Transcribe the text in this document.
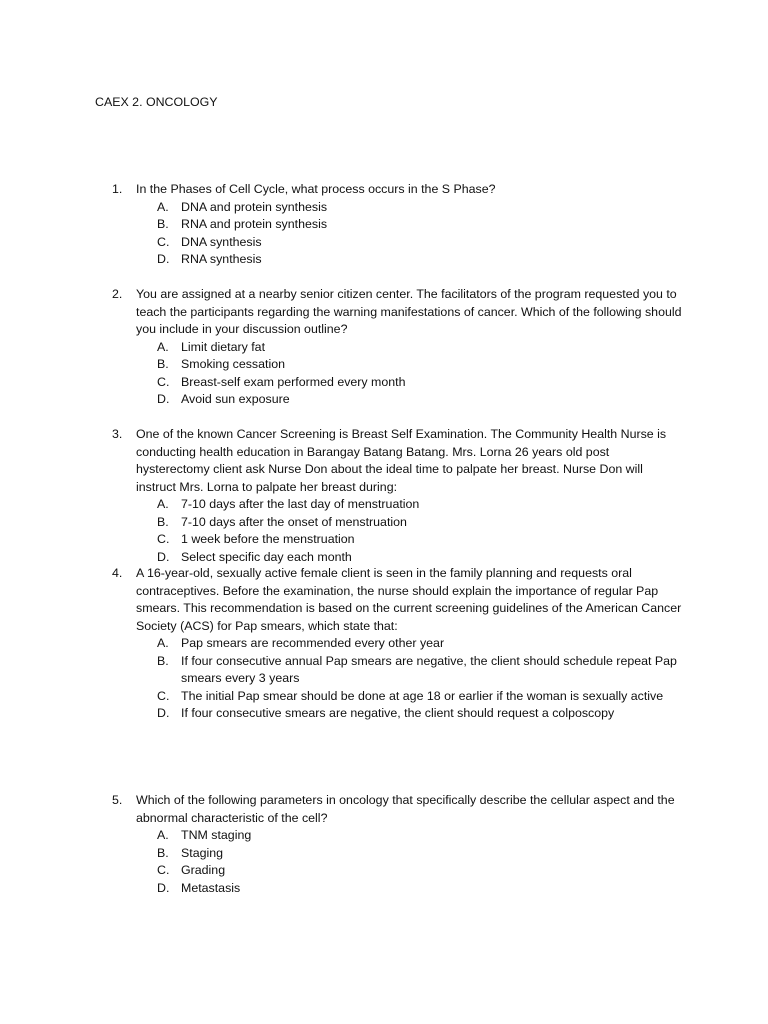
CAEX 2. ONCOLOGY
1.	In the Phases of Cell Cycle, what process occurs in the S Phase?
A. DNA and protein synthesis
B. RNA and protein synthesis
C. DNA synthesis
D. RNA synthesis
2.	You are assigned at a nearby senior citizen center. The facilitators of the program requested you to teach the participants regarding the warning manifestations of cancer. Which of the following should you include in your discussion outline?
A. Limit dietary fat
B. Smoking cessation
C. Breast-self exam performed every month
D. Avoid sun exposure
3.	One of the known Cancer Screening is Breast Self Examination. The Community Health Nurse is conducting health education in Barangay Batang Batang. Mrs. Lorna 26 years old post hysterectomy client ask Nurse Don about the ideal time to palpate her breast. Nurse Don will instruct Mrs. Lorna to palpate her breast during:
A. 7-10 days after the last day of menstruation
B. 7-10 days after the onset of menstruation
C. 1 week before the menstruation
D. Select specific day each month
4.	A 16-year-old, sexually active female client is seen in the family planning and requests oral contraceptives. Before the examination, the nurse should explain the importance of regular Pap smears. This recommendation is based on the current screening guidelines of the American Cancer Society (ACS) for Pap smears, which state that:
A. Pap smears are recommended every other year
B. If four consecutive annual Pap smears are negative, the client should schedule repeat Pap smears every 3 years
C. The initial Pap smear should be done at age 18 or earlier if the woman is sexually active
D. If four consecutive smears are negative, the client should request a colposcopy
5.	Which of the following parameters in oncology that specifically describe the cellular aspect and the abnormal characteristic of the cell?
A. TNM staging
B. Staging
C. Grading
D. Metastasis
